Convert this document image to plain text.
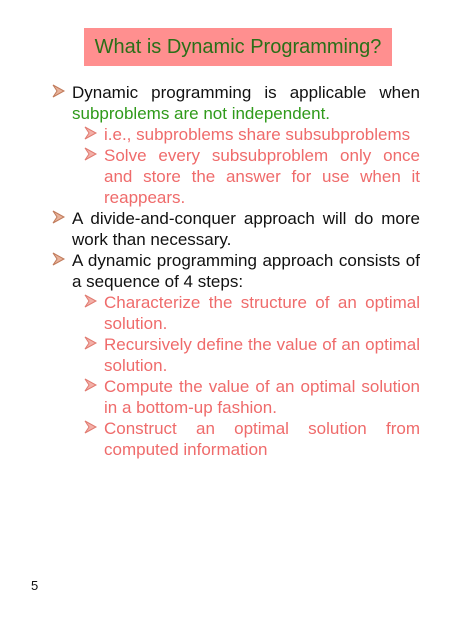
What is Dynamic Programming?
Dynamic programming is applicable when subproblems are not independent.
i.e., subproblems share subsubproblems
Solve every subsubproblem only once and store the answer for use when it reappears.
A divide-and-conquer approach will do more work than necessary.
A dynamic programming approach consists of a sequence of 4 steps:
Characterize the structure of an optimal solution.
Recursively define the value of an optimal solution.
Compute the value of an optimal solution in a bottom-up fashion.
Construct an optimal solution from computed information
5
